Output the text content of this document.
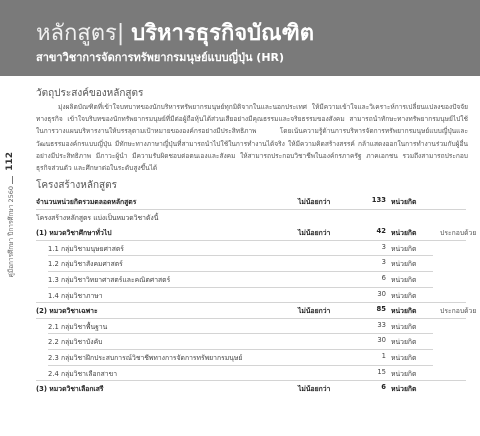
หลักสูตร| บริหารธุรกิจบัณฑิต
สาขาวิชาการจัดการทรัพยากรมนุษย์แบบญี่ปุ่น (HR)
112
คู่มือการศึกษา ปีการศึกษา 2560
วัตถุประสงค์ของหลักสูตร
มุ่งผลิตบัณฑิตที่เข้าใจบทบาทของนักบริหารทรัพยากรมนุษย์ทุกมิติจากในและนอกประเทศ ให้มีความเข้าใจและวิเคราะห์การเปลี่ยนแปลงของปัจจัยทางธุรกิจ เข้าใจบริบทของนักทรัพยากรมนุษย์ที่มีต่อผู้ถือหุ้นได้ส่วนเสียอย่างมีคุณธรรมและจริยธรรมของสังคม สามารถนำทักษะทางทรัพยากรมนุษย์ไปใช้ในการวางแผนบริหารงานให้บรรลุตามเป้าหมายขององค์กรอย่างมีประสิทธิภาพ โดยเน้นความรู้ด้านการบริหารจัดการทรัพยากรมนุษย์แบบญี่ปุ่นและวัฒนธรรมองค์กรแบบญี่ปุ่น มีทักษะทางภาษาญี่ปุ่นที่สามารถนำไปใช้ในการทำงานได้จริง ให้มีความคิดสร้างสรรค์ กล้าแสดงออกในการทำงานร่วมกับผู้อื่นอย่างมีประสิทธิภาพ มีภาวะผู้นำ มีความรับผิดชอบต่อตนเองและสังคม ให้สามารถประกอบวิชาชีพในองค์กรภาครัฐ ภาคเอกชน รวมถึงสามารถประกอบธุรกิจส่วนตัว และศึกษาต่อในระดับสูงขึ้นได้
โครงสร้างหลักสูตร
จำนวนหน่วยกิตรวมตลอดหลักสูตร	ไม่น้อยกว่า	133 หน่วยกิต
โครงสร้างหลักสูตร แบ่งเป็นหมวดวิชาดังนี้
(1) หมวดวิชาศึกษาทั่วไป	ไม่น้อยกว่า	42 หน่วยกิต	ประกอบด้วย
1.1 กลุ่มวิชามนุษยศาสตร์	3 หน่วยกิต
1.2 กลุ่มวิชาสังคมศาสตร์	3 หน่วยกิต
1.3 กลุ่มวิชาวิทยาศาสตร์และคณิตศาสตร์	6 หน่วยกิต
1.4 กลุ่มวิชาภาษา	30 หน่วยกิต
(2) หมวดวิชาเฉพาะ	ไม่น้อยกว่า	85 หน่วยกิต	ประกอบด้วย
2.1 กลุ่มวิชาพื้นฐาน	33 หน่วยกิต
2.2 กลุ่มวิชาบังคับ	30 หน่วยกิต
2.3 กลุ่มวิชาฝึกประสบการณ์วิชาชีพทางการจัดการทรัพยากรมนุษย์	1 หน่วยกิต
2.4 กลุ่มวิชาเลือกสาขา	15 หน่วยกิต
(3) หมวดวิชาเลือกเสรี	ไม่น้อยกว่า	6 หน่วยกิต
